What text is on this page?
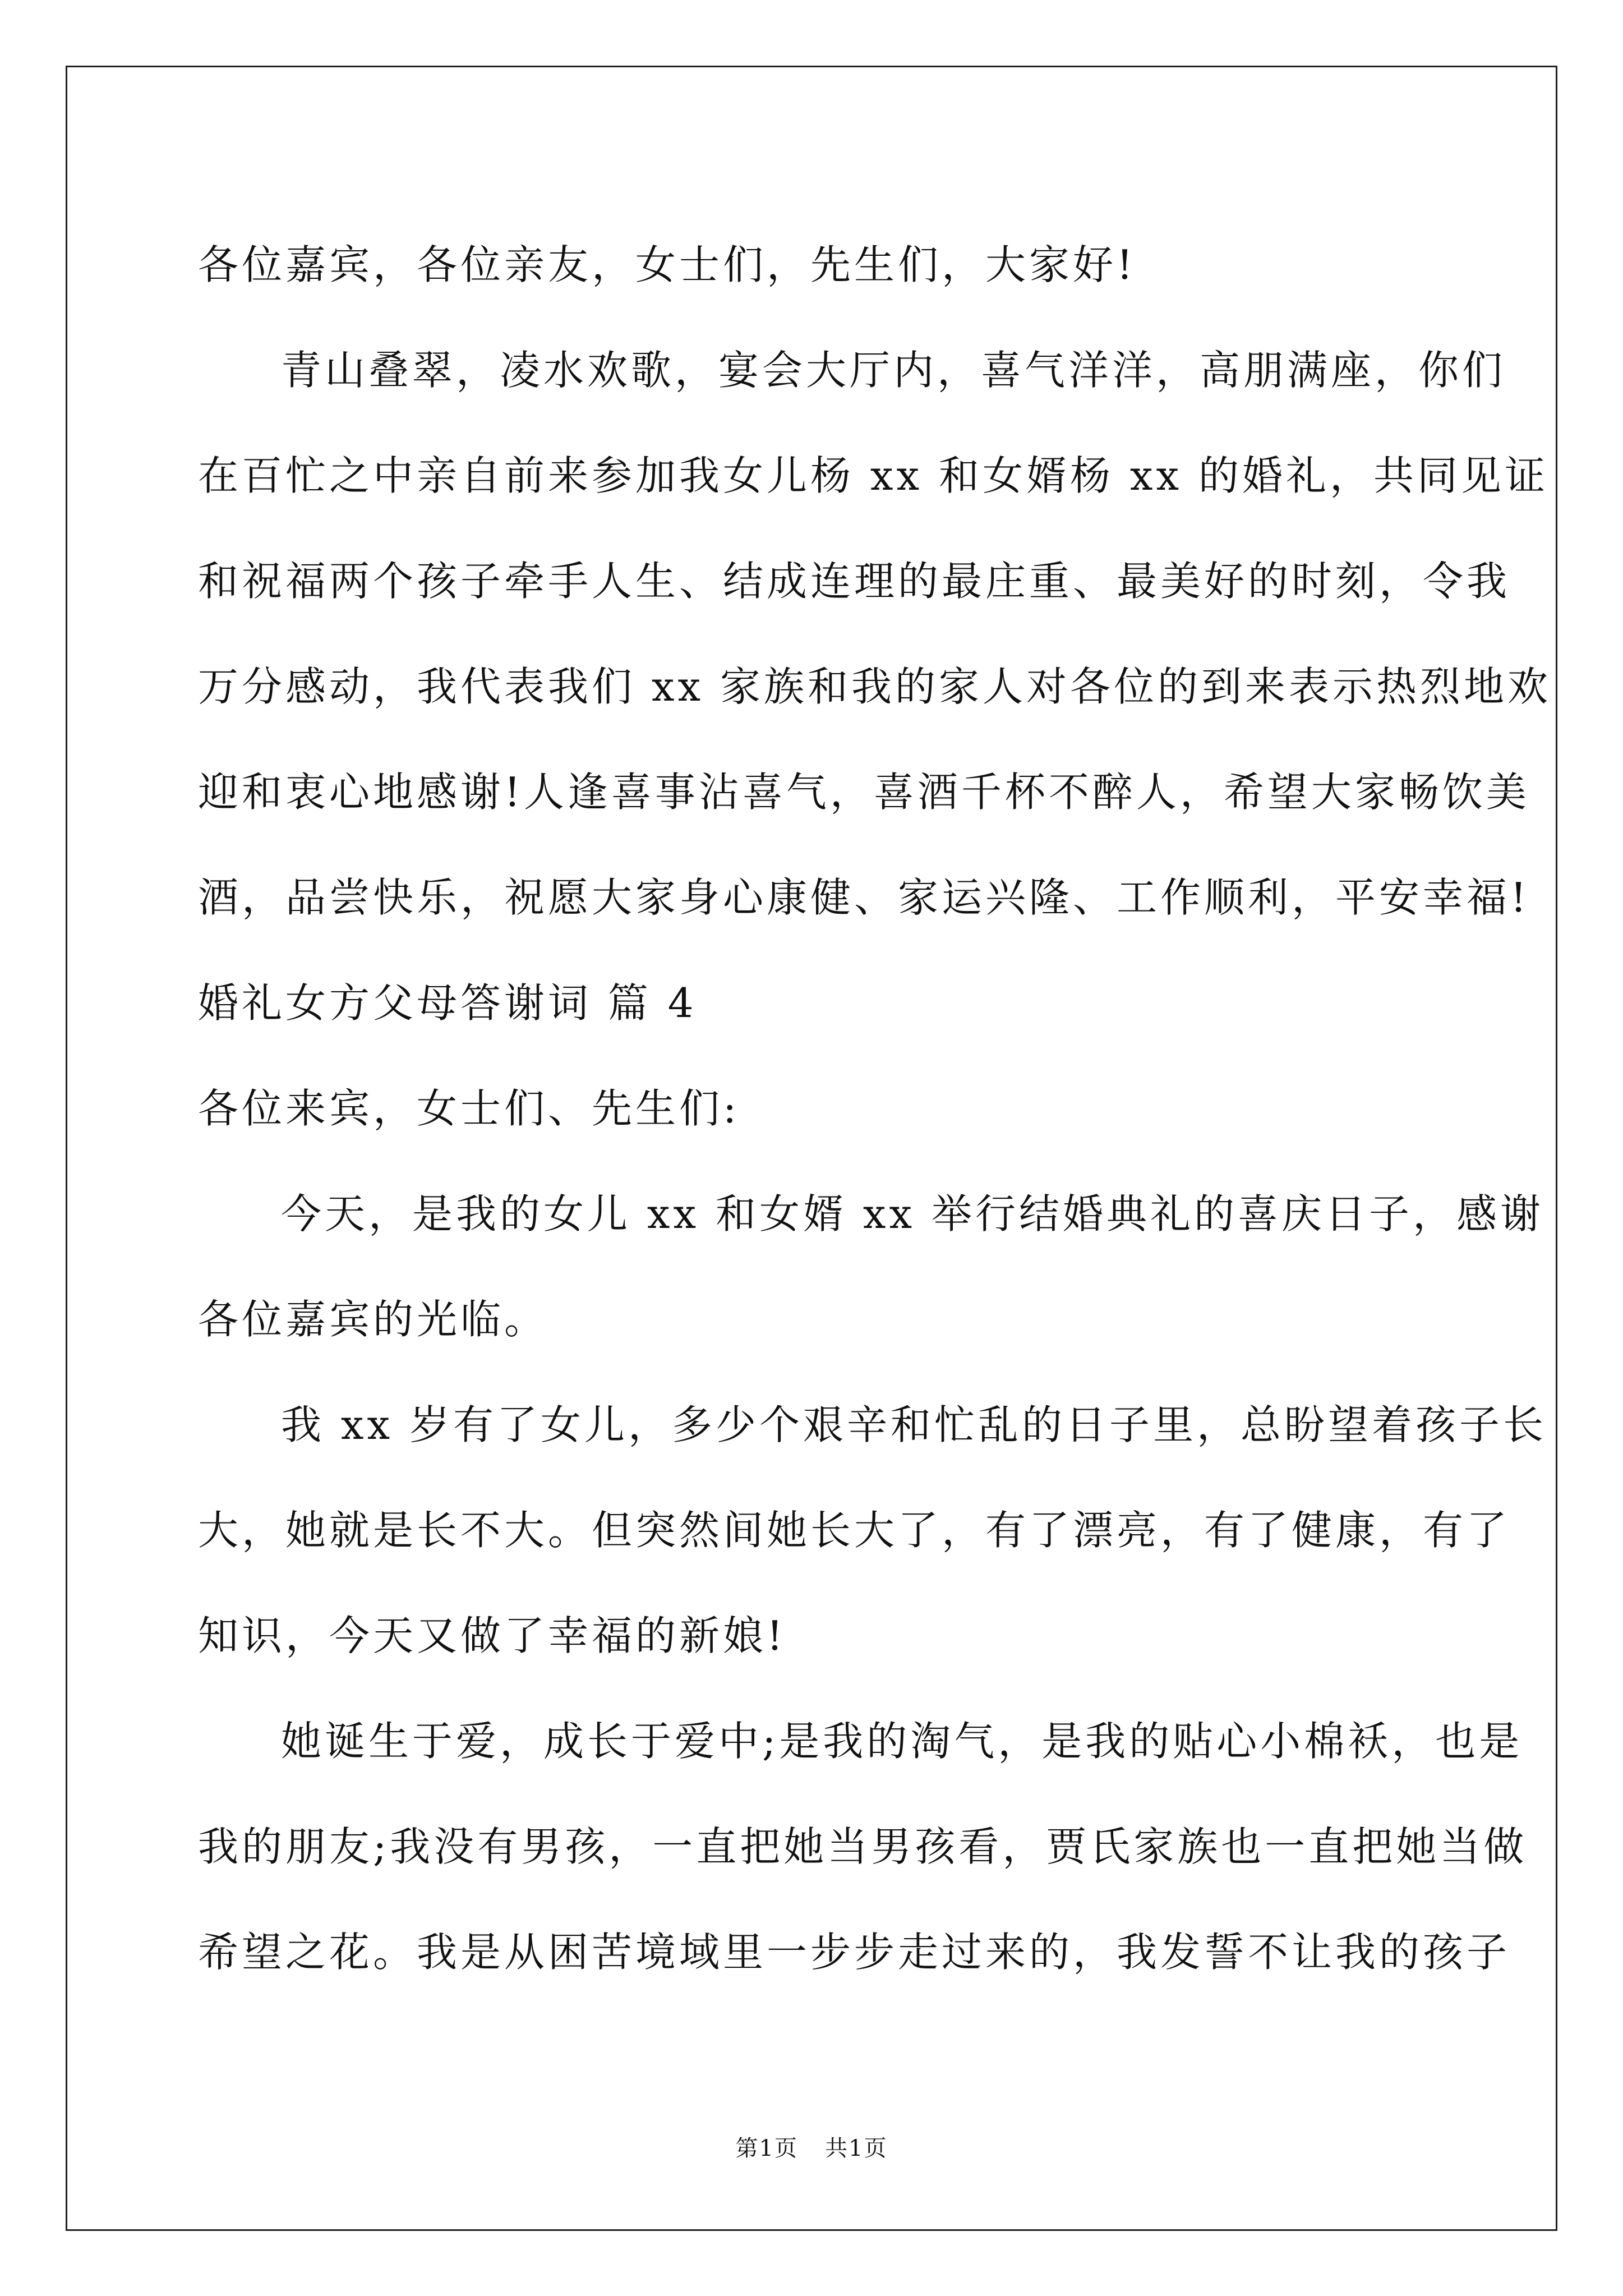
各位嘉宾，各位亲友，女士们，先生们，大家好!
青山叠翠，凌水欢歌，宴会大厅内，喜气洋洋，高朋满座，你们
在百忙之中亲自前来参加我女儿杨 xx 和女婿杨 xx 的婚礼，共同见证
和祝福两个孩子牵手人生、结成连理的最庄重、最美好的时刻，令我
万分感动，我代表我们 xx 家族和我的家人对各位的到来表示热烈地欢
迎和衷心地感谢!人逢喜事沾喜气，喜酒千杯不醉人，希望大家畅饮美
酒，品尝快乐，祝愿大家身心康健、家运兴隆、工作顺利，平安幸福!
婚礼女方父母答谢词 篇 4
各位来宾，女士们、先生们:
今天，是我的女儿 xx 和女婿 xx 举行结婚典礼的喜庆日子，感谢
各位嘉宾的光临。
我 xx 岁有了女儿，多少个艰辛和忙乱的日子里，总盼望着孩子长
大，她就是长不大。但突然间她长大了，有了漂亮，有了健康，有了
知识，今天又做了幸福的新娘!
她诞生于爱，成长于爱中;是我的淘气，是我的贴心小棉袄，也是
我的朋友;我没有男孩，一直把她当男孩看，贾氏家族也一直把她当做
希望之花。我是从困苦境域里一步步走过来的，我发誓不让我的孩子
第1页 共1页
